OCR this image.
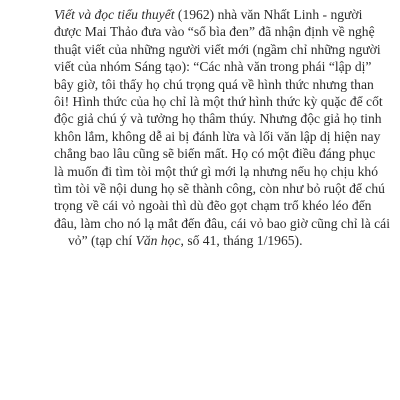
Viết và đọc tiểu thuyết (1962) nhà văn Nhất Linh - người
được Mai Thảo đưa vào “sổ bìa đen” đã nhận định về nghệ
thuật viết của những người viết mới (ngầm chỉ những người
viết của nhóm Sáng tạo): “Các nhà văn trong phái “lập dị”
bây giờ, tôi thấy họ chú trọng quá về hình thức nhưng than
ôi! Hình thức của họ chỉ là một thứ hình thức kỳ quặc để cốt
độc giả chú ý và tưởng họ thâm thúy. Nhưng độc giả họ tinh
khôn lắm, không dễ ai bị đánh lừa và lối văn lập dị hiện nay
chẳng bao lâu cũng sẽ biến mất. Họ có một điều đáng phục
là muốn đi tìm tòi một thứ gì mới lạ nhưng nếu họ chịu khó
tìm tòi về nội dung họ sẽ thành công, còn như bỏ ruột để chú
trọng về cái vỏ ngoài thì dù đẽo gọt chạm trổ khéo léo đến
đâu, làm cho nó lạ mắt đến đâu, cái vỏ bao giờ cũng chỉ là cái
vỏ” (tạp chí Văn học, số 41, tháng 1/1965).
